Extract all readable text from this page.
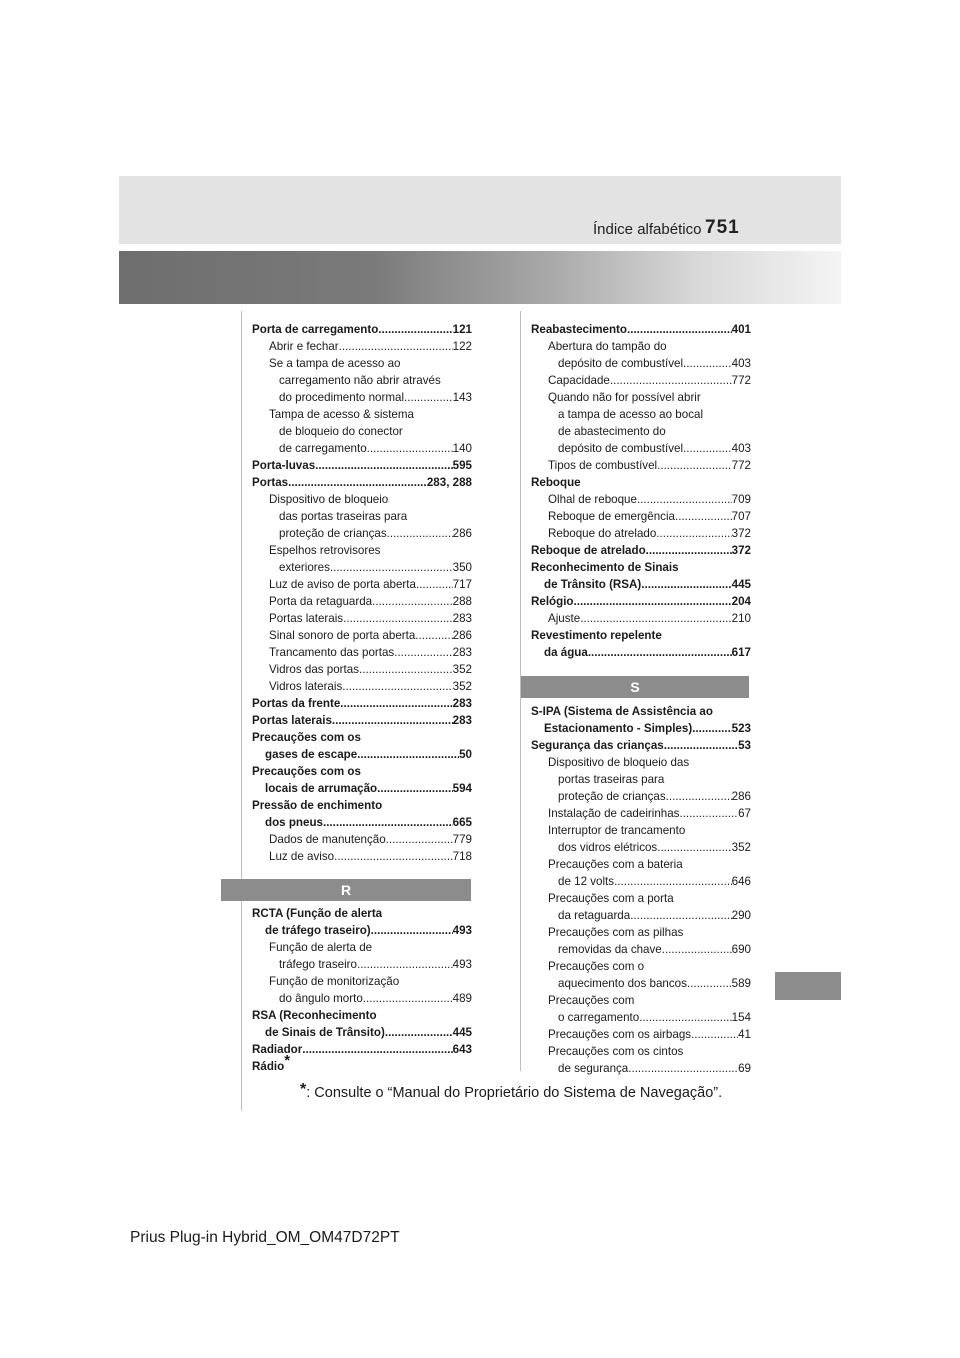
Índice alfabético 751
Porta de carregamento .....	121
Abrir e fechar .....	122
Se a tampa de acesso ao
carregamento não abrir através
do procedimento normal .....	143
Tampa de acesso & sistema
de bloqueio do conector
de carregamento .....	140
Porta-luvas .....	595
Portas .....	283, 288
Dispositivo de bloqueio
das portas traseiras para
proteção de crianças .....	286
Espelhos retrovisores
exteriores .....	350
Luz de aviso de porta aberta .....	717
Porta da retaguarda .....	288
Portas laterais .....	283
Sinal sonoro de porta aberta. .....	286
Trancamento das portas .....	283
Vidros das portas .....	352
Vidros laterais .....	352
Portas da frente .....	283
Portas laterais .....	283
Precauções com os
gases de escape .....	50
Precauções com os
locais de arrumação .....	594
Pressão de enchimento
dos pneus .....	665
Dados de manutenção .....	779
Luz de aviso .....	718
R
RCTA (Função de alerta
de tráfego traseiro) .....	493
Função de alerta de
tráfego traseiro .....	493
Função de monitorização
do ângulo morto .....	489
RSA (Reconhecimento
de Sinais de Trânsito) .....	445
Radiador .....	643
Rádio*
Reabastecimento .....	401
Abertura do tampão do
depósito de combustível .....	403
Capacidade .....	772
Quando não for possível abrir
a tampa de acesso ao bocal
de abastecimento do
depósito de combustível .....	403
Tipos de combustível .....	772
Reboque
Olhal de reboque .....	709
Reboque de emergência .....	707
Reboque do atrelado .....	372
Reboque de atrelado .....	372
Reconhecimento de Sinais
de Trânsito (RSA) .....	445
Relógio .....	204
Ajuste .....	210
Revestimento repelente
da água .....	617
S
S-IPA (Sistema de Assistência ao
Estacionamento - Simples) .....	523
Segurança das crianças .....	53
Dispositivo de bloqueio das
portas traseiras para
proteção de crianças .....	286
Instalação de cadeirinhas .....	67
Interruptor de trancamento
dos vidros elétricos .....	352
Precauções com a bateria
de 12 volts .....	646
Precauções com a porta
da retaguarda .....	290
Precauções com as pilhas
removidas da chave .....	690
Precauções com o
aquecimento dos bancos .....	589
Precauções com
o carregamento .....	154
Precauções com os airbags .....	41
Precauções com os cintos
de segurança .....	69
*: Consulte o “Manual do Proprietário do Sistema de Navegação”.
Prius Plug-in Hybrid_OM_OM47D72PT
